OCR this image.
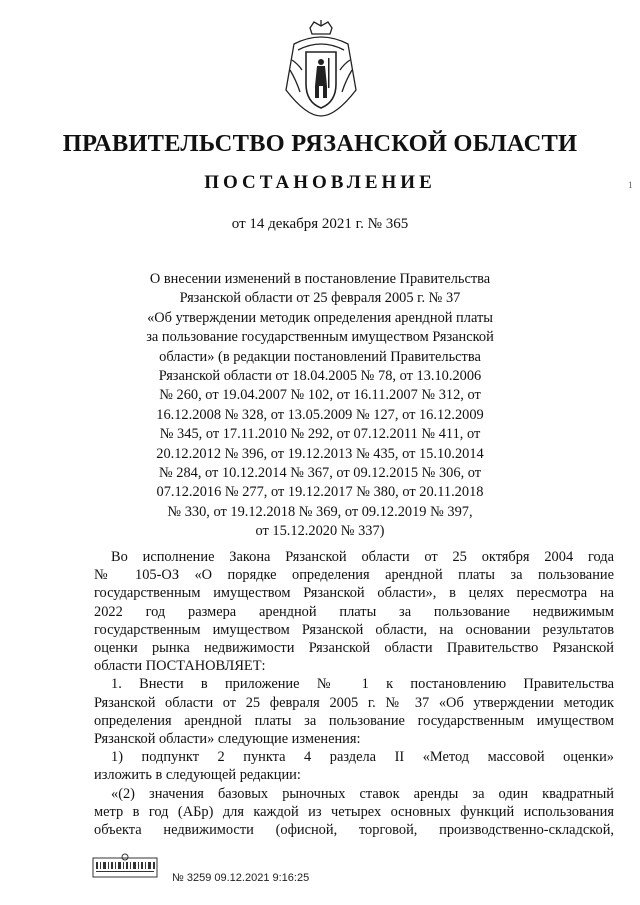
ПРАВИТЕЛЬСТВО РЯЗАНСКОЙ ОБЛАСТИ
ПОСТАНОВЛЕНИЕ
от 14 декабря 2021 г. № 365
О внесении изменений в постановление Правительства
Рязанской области от 25 февраля 2005 г. № 37
«Об утверждении методик определения арендной платы
за пользование государственным имуществом Рязанской
области» (в редакции постановлений Правительства
Рязанской области от 18.04.2005 № 78, от 13.10.2006
№ 260, от 19.04.2007 № 102, от 16.11.2007 № 312, от
16.12.2008 № 328, от 13.05.2009 № 127, от 16.12.2009
№ 345, от 17.11.2010 № 292, от 07.12.2011 № 411, от
20.12.2012 № 396, от 19.12.2013 № 435, от 15.10.2014
№ 284, от 10.12.2014 № 367, от 09.12.2015 № 306, от
07.12.2016 № 277, от 19.12.2017 № 380, от 20.11.2018
№ 330, от 19.12.2018 № 369, от 09.12.2019 № 397,
от 15.12.2020 № 337)
Во исполнение Закона Рязанской области от 25 октября 2004 года
№ 105-ОЗ «О порядке определения арендной платы за пользование
государственным имуществом Рязанской области», в целях пересмотра на
2022 год размера арендной платы за пользование недвижимым
государственным имуществом Рязанской области, на основании результатов
оценки рынка недвижимости Рязанской области Правительство Рязанской
области ПОСТАНОВЛЯЕТ:
1. Внести в приложение № 1 к постановлению Правительства
Рязанской области от 25 февраля 2005 г. № 37 «Об утверждении методик
определения арендной платы за пользование государственным имуществом
Рязанской области» следующие изменения:
1) подпункт 2 пункта 4 раздела II «Метод массовой оценки»
изложить в следующей редакции:
«(2) значения базовых рыночных ставок аренды за один квадратный
метр в год (АБр) для каждой из четырех основных функций использования
объекта недвижимости (офисной, торговой, производственно-складской,
№ 3259 09.12.2021 9:16:25
1
